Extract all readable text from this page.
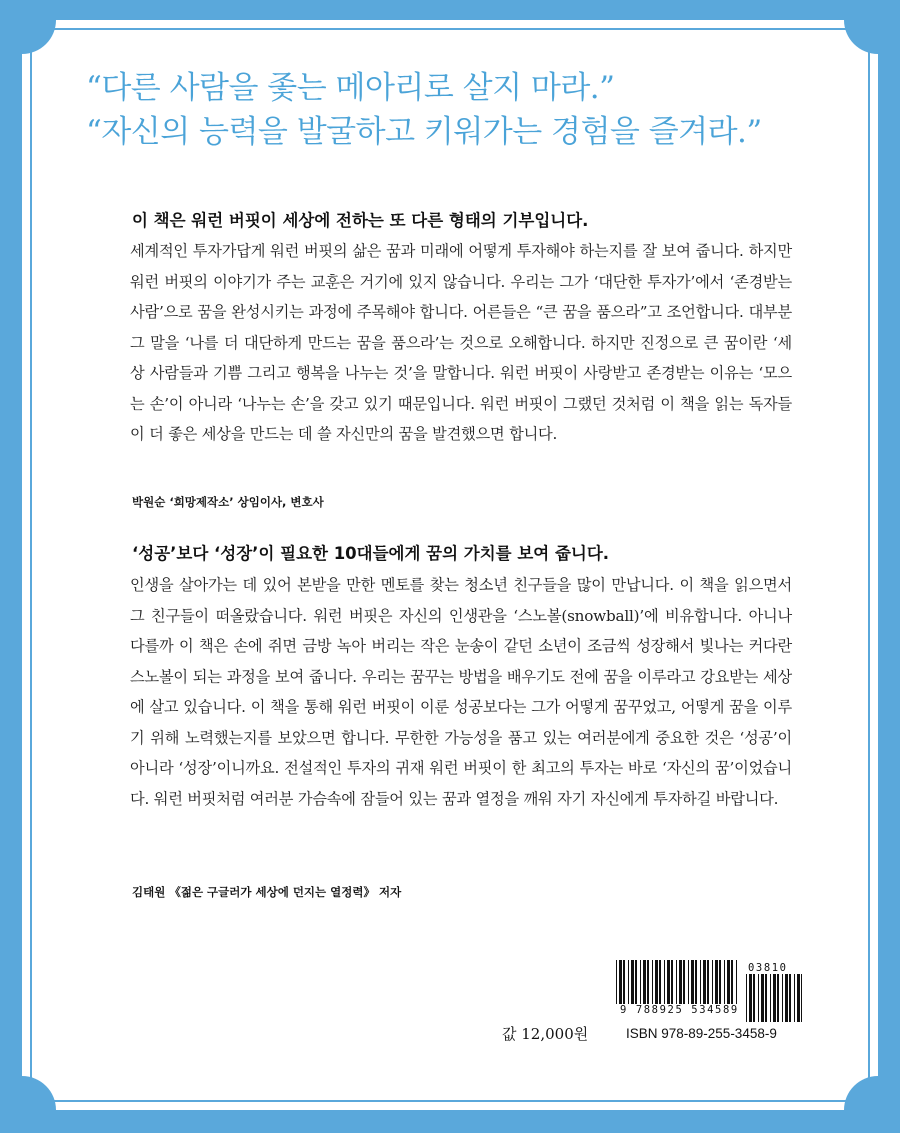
“다른 사람을 좇는 메아리로 살지 마라.”
“자신의 능력을 발굴하고 키워가는 경험을 즐겨라.”
이 책은 워런 버핏이 세상에 전하는 또 다른 형태의 기부입니다.
세계적인 투자가답게 워런 버핏의 삶은 꿈과 미래에 어떻게 투자해야 하는지를 잘 보여 줍니다. 하지만 워런 버핏의 이야기가 주는 교훈은 거기에 있지 않습니다. 우리는 그가 ‘대단한 투자가’에서 ‘존경받는 사람’으로 꿈을 완성시키는 과정에 주목해야 합니다. 어른들은 “큰 꿈을 품으라”고 조언합니다. 대부분 그 말을 ‘나를 더 대단하게 만드는 꿈을 품으라’는 것으로 오해합니다. 하지만 진정으로 큰 꿈이란 ‘세상 사람들과 기쁨 그리고 행복을 나누는 것’을 말합니다. 워런 버핏이 사랑받고 존경받는 이유는 ‘모으는 손’이 아니라 ‘나누는 손’을 갖고 있기 때문입니다. 워런 버핏이 그랬던 것처럼 이 책을 읽는 독자들이 더 좋은 세상을 만드는 데 쓸 자신만의 꿈을 발견했으면 합니다.
박원순 ‘희망제작소’ 상임이사, 변호사
‘성공’보다 ‘성장’이 필요한 10대들에게 꿈의 가치를 보여 줍니다.
인생을 살아가는 데 있어 본받을 만한 멘토를 찾는 청소년 친구들을 많이 만납니다. 이 책을 읽으면서 그 친구들이 떠올랐습니다. 워런 버핏은 자신의 인생관을 ‘스노볼(snowball)’에 비유합니다. 아니나 다를까 이 책은 손에 쥐면 금방 녹아 버리는 작은 눈송이 같던 소년이 조금씩 성장해서 빛나는 커다란 스노볼이 되는 과정을 보여 줍니다. 우리는 꿈꾸는 방법을 배우기도 전에 꿈을 이루라고 강요받는 세상에 살고 있습니다. 이 책을 통해 워런 버핏이 이룬 성공보다는 그가 어떻게 꿈꾸었고, 어떻게 꿈을 이루기 위해 노력했는지를 보았으면 합니다. 무한한 가능성을 품고 있는 여러분에게 중요한 것은 ‘성공’이 아니라 ‘성장’이니까요. 전설적인 투자의 귀재 워런 버핏이 한 최고의 투자는 바로 ‘자신의 꿈’이었습니다. 워런 버핏처럼 여러분 가슴속에 잠들어 있는 꿈과 열정을 깨워 자기 자신에게 투자하길 바랍니다.
김태원 《젊은 구글러가 세상에 던지는 열정력》 저자
03810
9 788925 534589
ISBN 978-89-255-3458-9
값 12,000원
